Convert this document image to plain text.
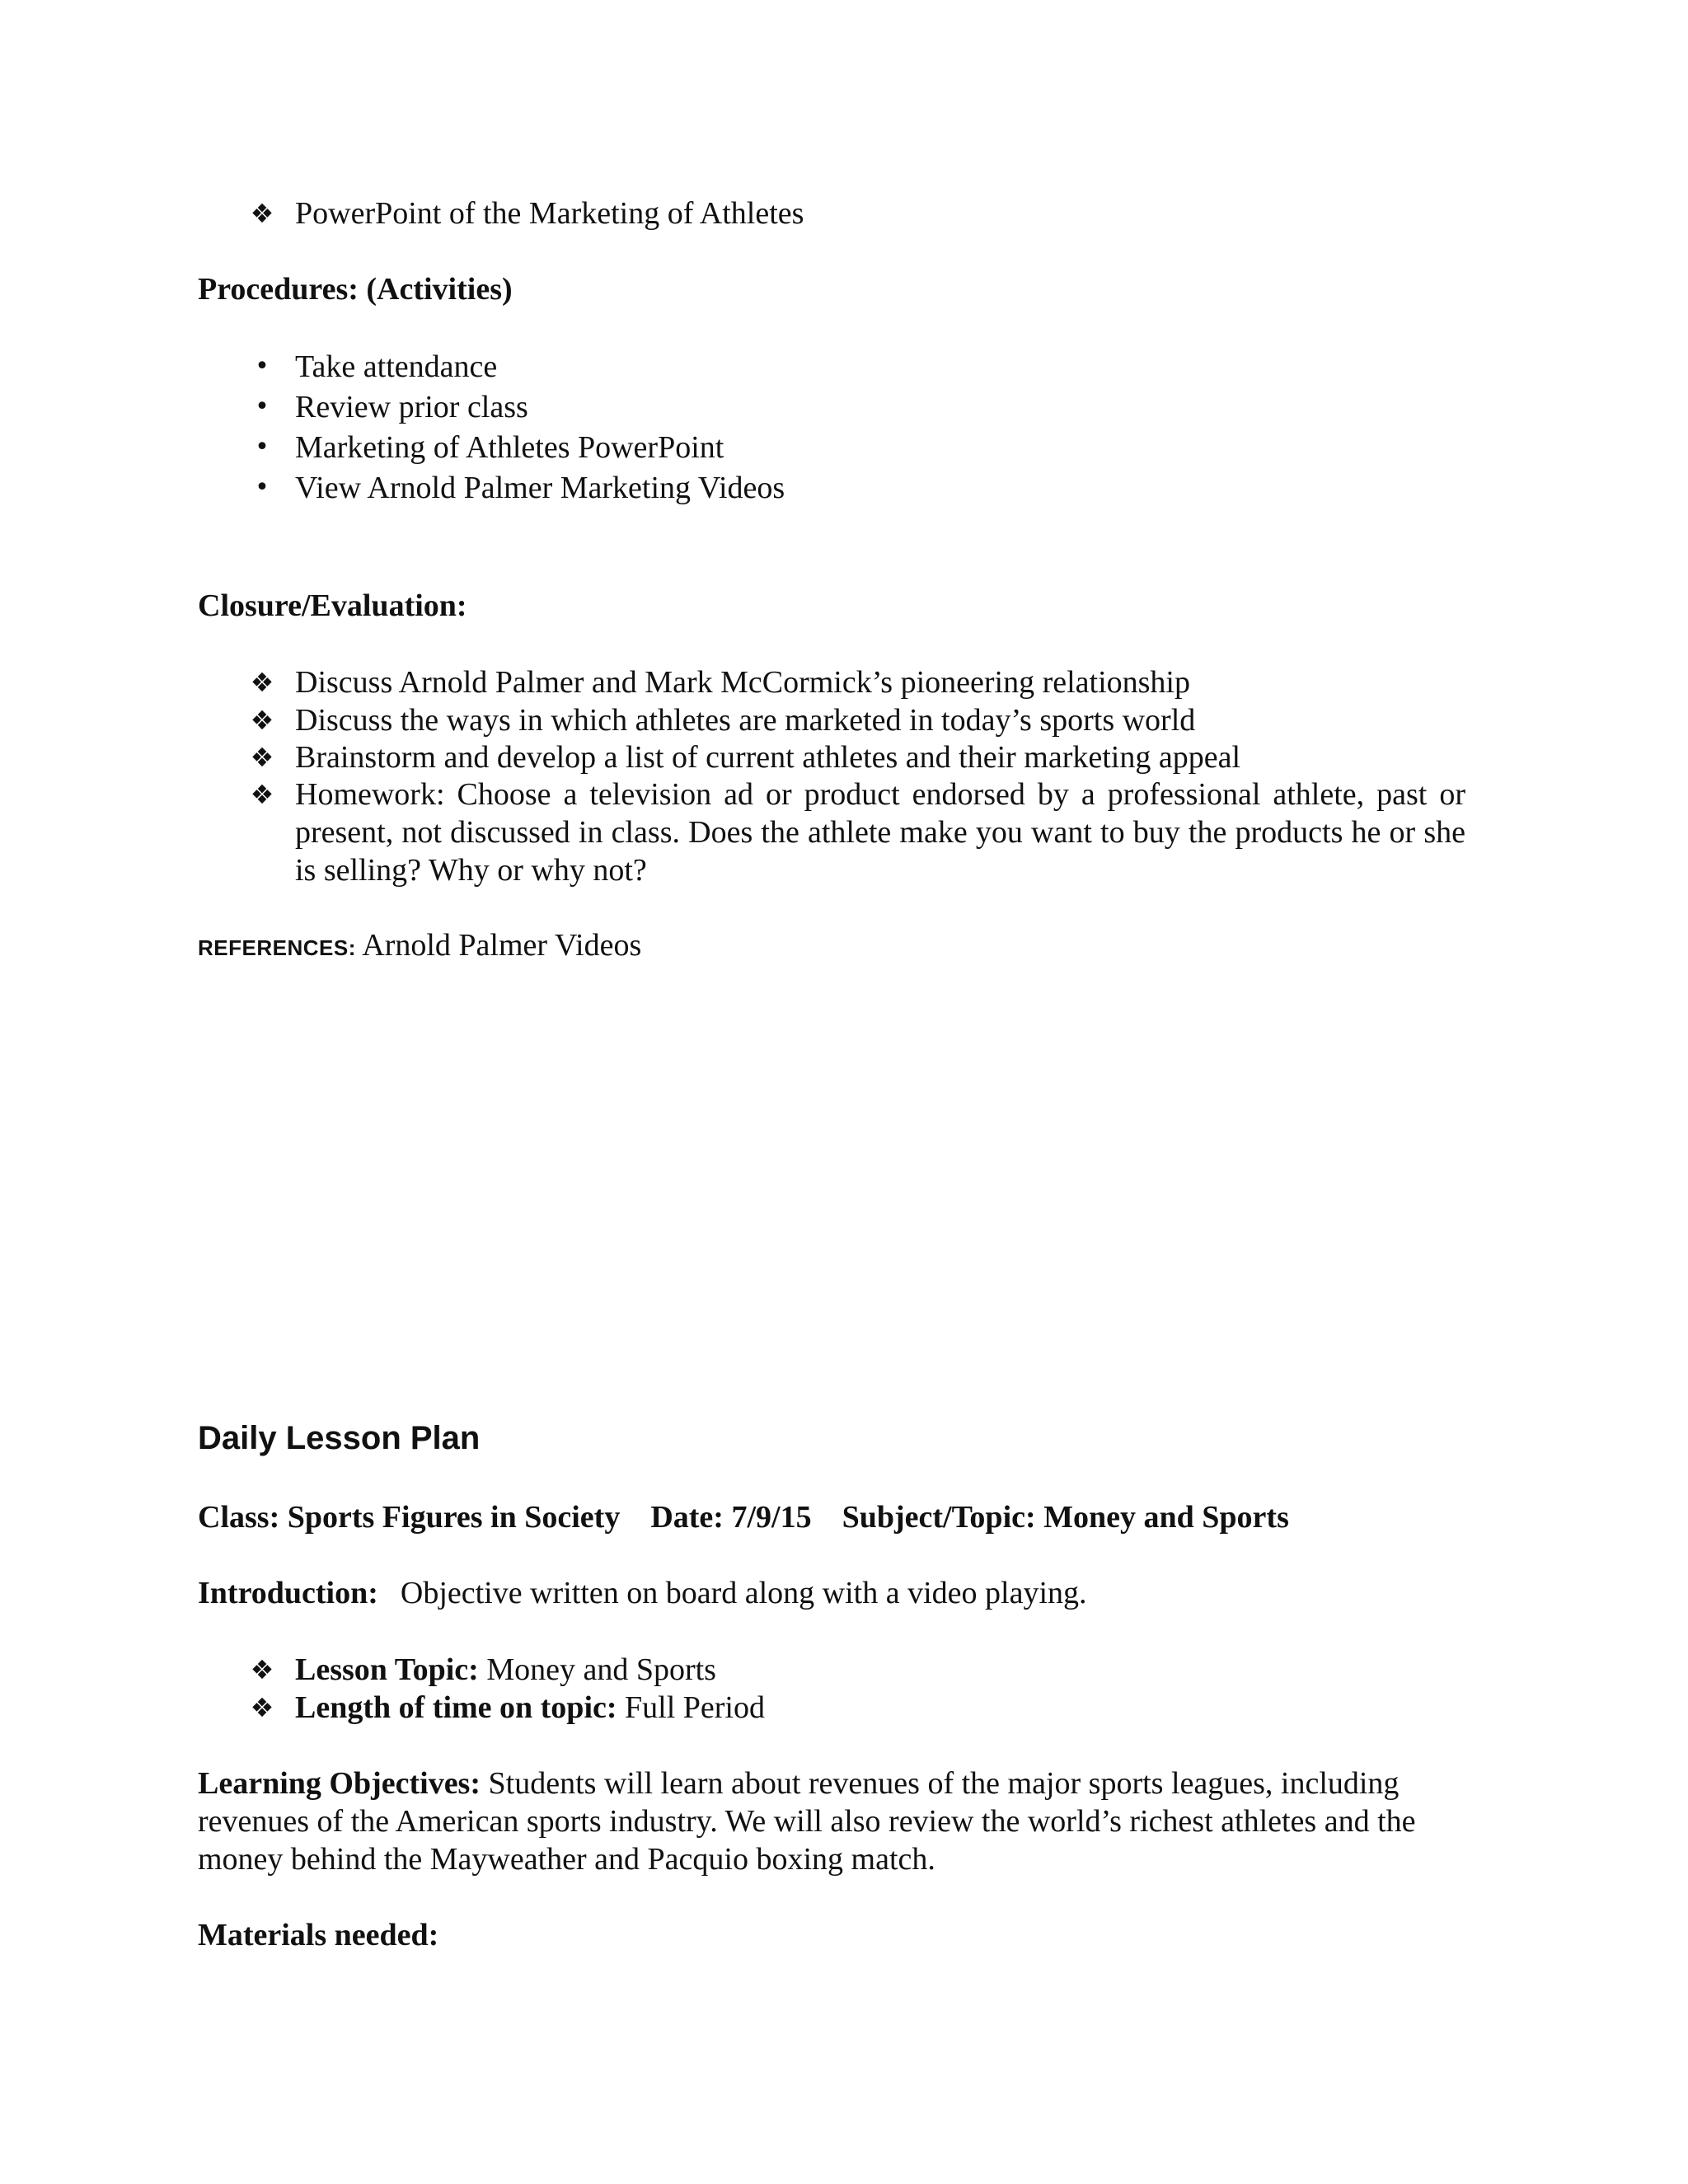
❖ PowerPoint of the Marketing of Athletes
Procedures: (Activities)
• Take attendance
• Review prior class
• Marketing of Athletes PowerPoint
• View Arnold Palmer Marketing Videos
Closure/Evaluation:
❖ Discuss Arnold Palmer and Mark McCormick’s pioneering relationship
❖ Discuss the ways in which athletes are marketed in today’s sports world
❖ Brainstorm and develop a list of current athletes and their marketing appeal
❖ Homework: Choose a television ad or product endorsed by a professional athlete, past or present, not discussed in class. Does the athlete make you want to buy the products he or she is selling? Why or why not?
REFERENCES: Arnold Palmer Videos
Daily Lesson Plan
Class: Sports Figures in Society Date: 7/9/15 Subject/Topic: Money and Sports
Introduction: Objective written on board along with a video playing.
❖ Lesson Topic: Money and Sports
❖ Length of time on topic: Full Period
Learning Objectives: Students will learn about revenues of the major sports leagues, including revenues of the American sports industry. We will also review the world’s richest athletes and the money behind the Mayweather and Pacquio boxing match.
Materials needed:
